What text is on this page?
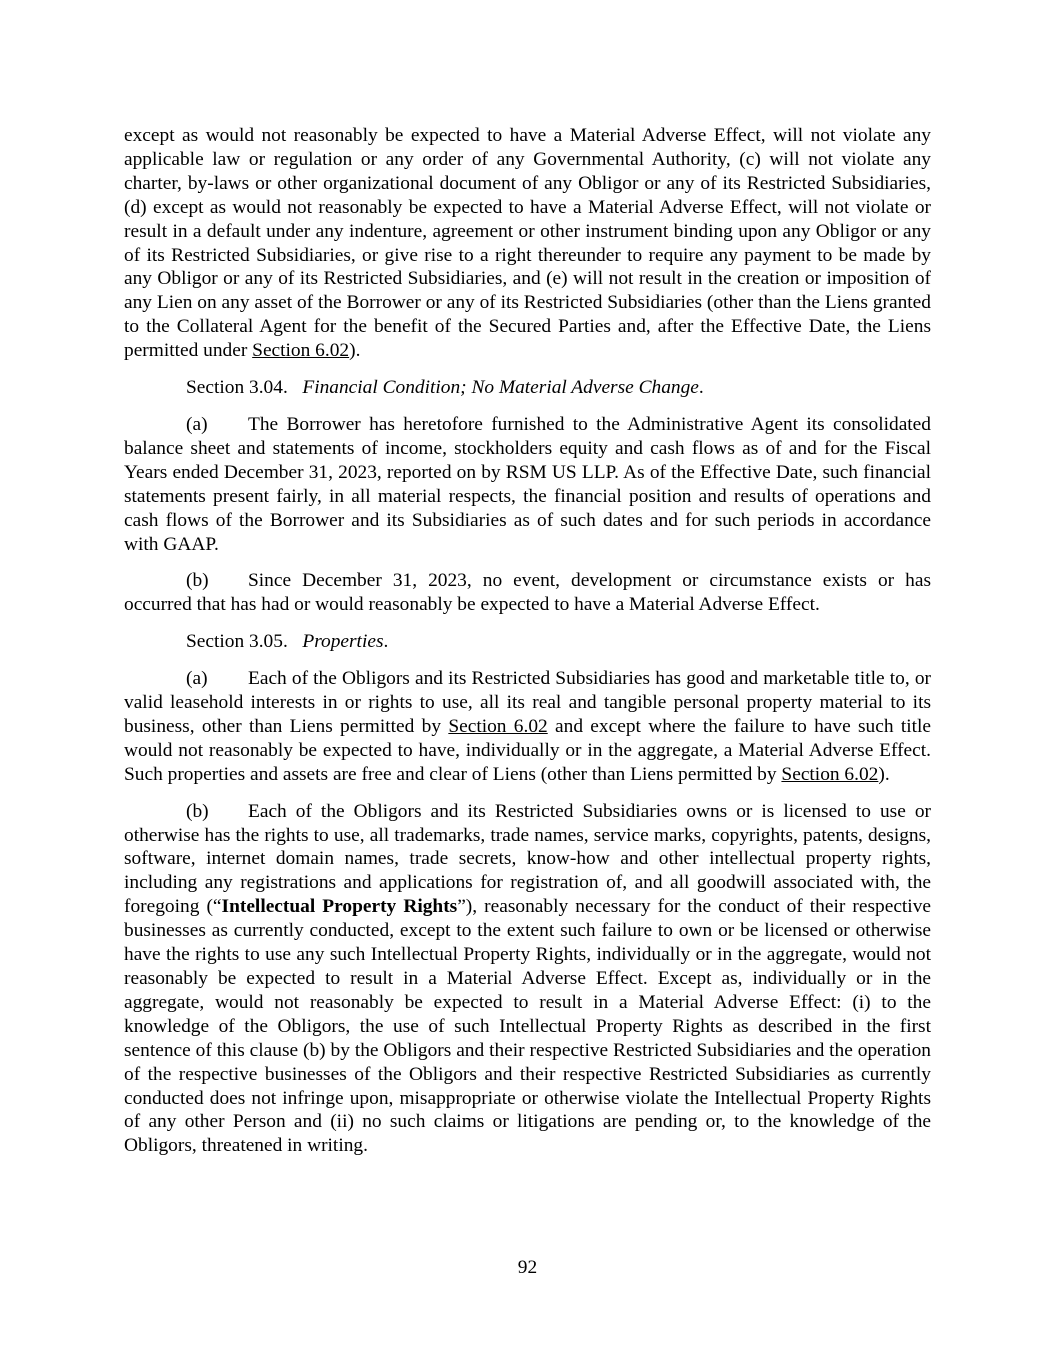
except as would not reasonably be expected to have a Material Adverse Effect, will not violate any applicable law or regulation or any order of any Governmental Authority, (c) will not violate any charter, by-laws or other organizational document of any Obligor or any of its Restricted Subsidiaries, (d) except as would not reasonably be expected to have a Material Adverse Effect, will not violate or result in a default under any indenture, agreement or other instrument binding upon any Obligor or any of its Restricted Subsidiaries, or give rise to a right thereunder to require any payment to be made by any Obligor or any of its Restricted Subsidiaries, and (e) will not result in the creation or imposition of any Lien on any asset of the Borrower or any of its Restricted Subsidiaries (other than the Liens granted to the Collateral Agent for the benefit of the Secured Parties and, after the Effective Date, the Liens permitted under Section 6.02).

Section 3.04. Financial Condition; No Material Adverse Change.

(a) The Borrower has heretofore furnished to the Administrative Agent its consolidated balance sheet and statements of income, stockholders equity and cash flows as of and for the Fiscal Years ended December 31, 2023, reported on by RSM US LLP. As of the Effective Date, such financial statements present fairly, in all material respects, the financial position and results of operations and cash flows of the Borrower and its Subsidiaries as of such dates and for such periods in accordance with GAAP.

(b) Since December 31, 2023, no event, development or circumstance exists or has occurred that has had or would reasonably be expected to have a Material Adverse Effect.

Section 3.05. Properties.

(a) Each of the Obligors and its Restricted Subsidiaries has good and marketable title to, or valid leasehold interests in or rights to use, all its real and tangible personal property material to its business, other than Liens permitted by Section 6.02 and except where the failure to have such title would not reasonably be expected to have, individually or in the aggregate, a Material Adverse Effect. Such properties and assets are free and clear of Liens (other than Liens permitted by Section 6.02).

(b) Each of the Obligors and its Restricted Subsidiaries owns or is licensed to use or otherwise has the rights to use, all trademarks, trade names, service marks, copyrights, patents, designs, software, internet domain names, trade secrets, know-how and other intellectual property rights, including any registrations and applications for registration of, and all goodwill associated with, the foregoing (“Intellectual Property Rights”), reasonably necessary for the conduct of their respective businesses as currently conducted, except to the extent such failure to own or be licensed or otherwise have the rights to use any such Intellectual Property Rights, individually or in the aggregate, would not reasonably be expected to result in a Material Adverse Effect. Except as, individually or in the aggregate, would not reasonably be expected to result in a Material Adverse Effect: (i) to the knowledge of the Obligors, the use of such Intellectual Property Rights as described in the first sentence of this clause (b) by the Obligors and their respective Restricted Subsidiaries and the operation of the respective businesses of the Obligors and their respective Restricted Subsidiaries as currently conducted does not infringe upon, misappropriate or otherwise violate the Intellectual Property Rights of any other Person and (ii) no such claims or litigations are pending or, to the knowledge of the Obligors, threatened in writing.

92
